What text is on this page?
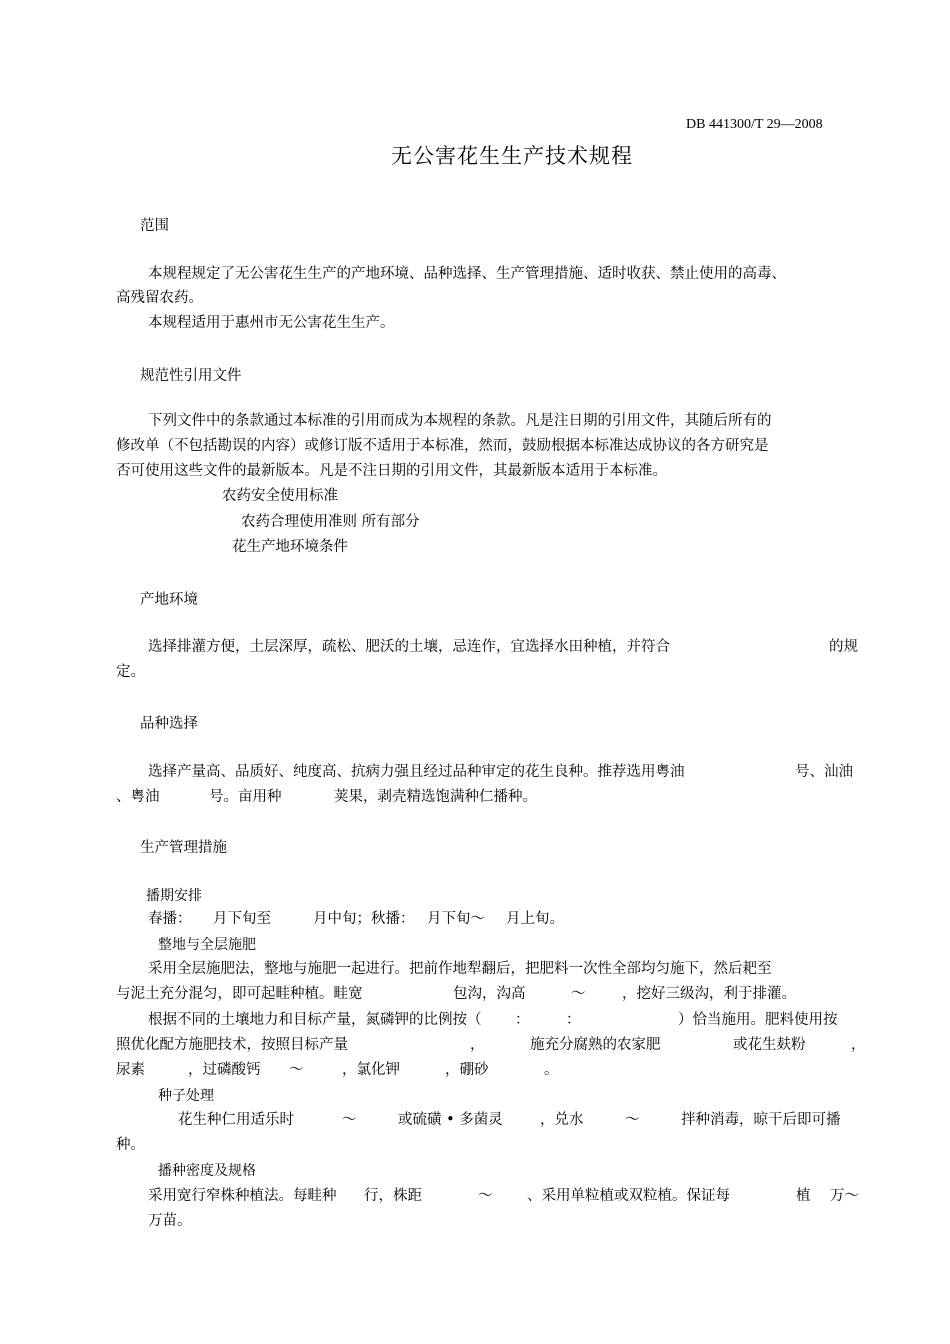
DB 441300/T 29—2008
无公害花生生产技术规程
范围
本规程规定了无公害花生生产的产地环境、品种选择、生产管理措施、适时收获、禁止使用的高毒、
高残留农药。
本规程适用于惠州市无公害花生生产。
规范性引用文件
下列文件中的条款通过本标准的引用而成为本规程的条款。凡是注日期的引用文件，其随后所有的
修改单（不包括勘误的内容）或修订版不适用于本标准，然而，鼓励根据本标准达成协议的各方研究是
否可使用这些文件的最新版本。凡是不注日期的引用文件，其最新版本适用于本标准。
农药安全使用标准
农药合理使用准则 所有部分
花生产地环境条件
产地环境
选择排灌方便，土层深厚，疏松、肥沃的土壤，忌连作，宜选择水田种植，并符合	的规
定。
品种选择
选择产量高、品质好、纯度高、抗病力强且经过品种审定的花生良种。推荐选用粤油	号、汕油
、粤油	号。亩用种	荚果，剥壳精选饱满种仁播种。
生产管理措施
播期安排
春播： 月下旬至	月中旬；秋播： 月下旬～ 月上旬。
整地与全层施肥
采用全层施肥法，整地与施肥一起进行。把前作地犁翻后，把肥料一次性全部均匀施下，然后耙至
与泥土充分混匀，即可起畦种植。畦宽	包沟，沟高	～	，挖好三级沟，利于排灌。
根据不同的土壤地力和目标产量，氮磷钾的比例按（ ：	：	）恰当施用。肥料使用按
照优化配方施肥技术，按照目标产量	，	施充分腐熟的农家肥	或花生麸粉	，
尿素	，过磷酸钙 ～	，氯化钾	，硼砂	。
种子处理
花生种仁用适乐时	～	或硫磺 • 多菌灵	，兑水	～	拌种消毒，晾干后即可播
种。
播种密度及规格
采用宽行窄株种植法。每畦种 行，株距	～ 、采用单粒植或双粒植。保证每	植 万～
万苗。
